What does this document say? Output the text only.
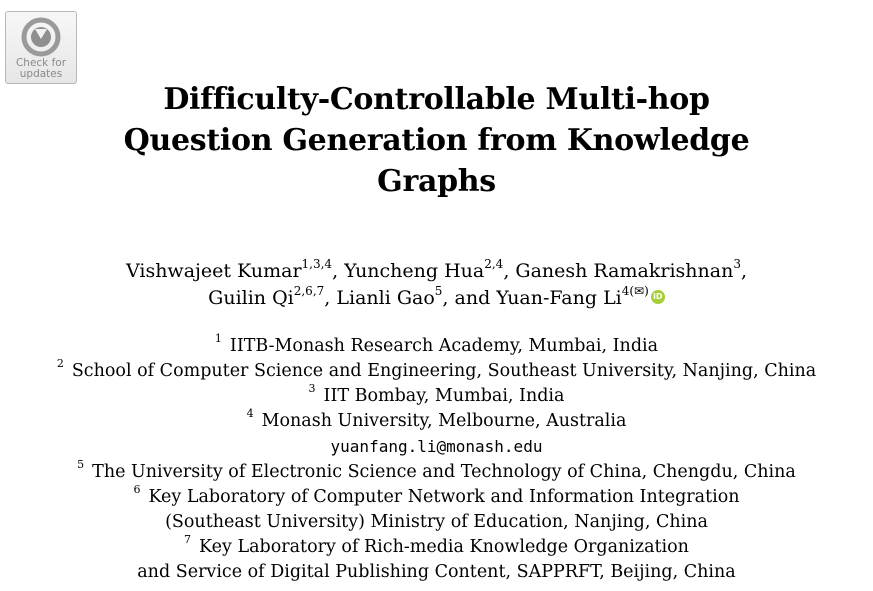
Check for
updates
Difficulty-Controllable Multi-hop
Question Generation from Knowledge
Graphs
Vishwajeet Kumar$^{1,3,4}$, Yuncheng Hua$^{2,4}$, Ganesh Ramakrishnan$^3$,
Guilin Qi$^{2,6,7}$, Lianli Gao$^5$, and Yuan-Fang $Li^{4(✉)}$ iD
$^1$ IITB-Monash Research Academy, Mumbai, India
$^2$ School of Computer Science and Engineering, Southeast University, Nanjing, China
$^3$ IIT Bombay, Mumbai, India
$^4$ Monash University, Melbourne, Australia
yuanfang.li@monash.edu
$^5$ The University of Electronic Science and Technology of China, Chengdu, China
$^6$ Key Laboratory of Computer Network and Information Integration
(Southeast University) Ministry of Education, Nanjing, China
$^7$ Key Laboratory of Rich-media Knowledge Organization
and Service of Digital Publishing Content, SAPPRFT, Beijing, China
